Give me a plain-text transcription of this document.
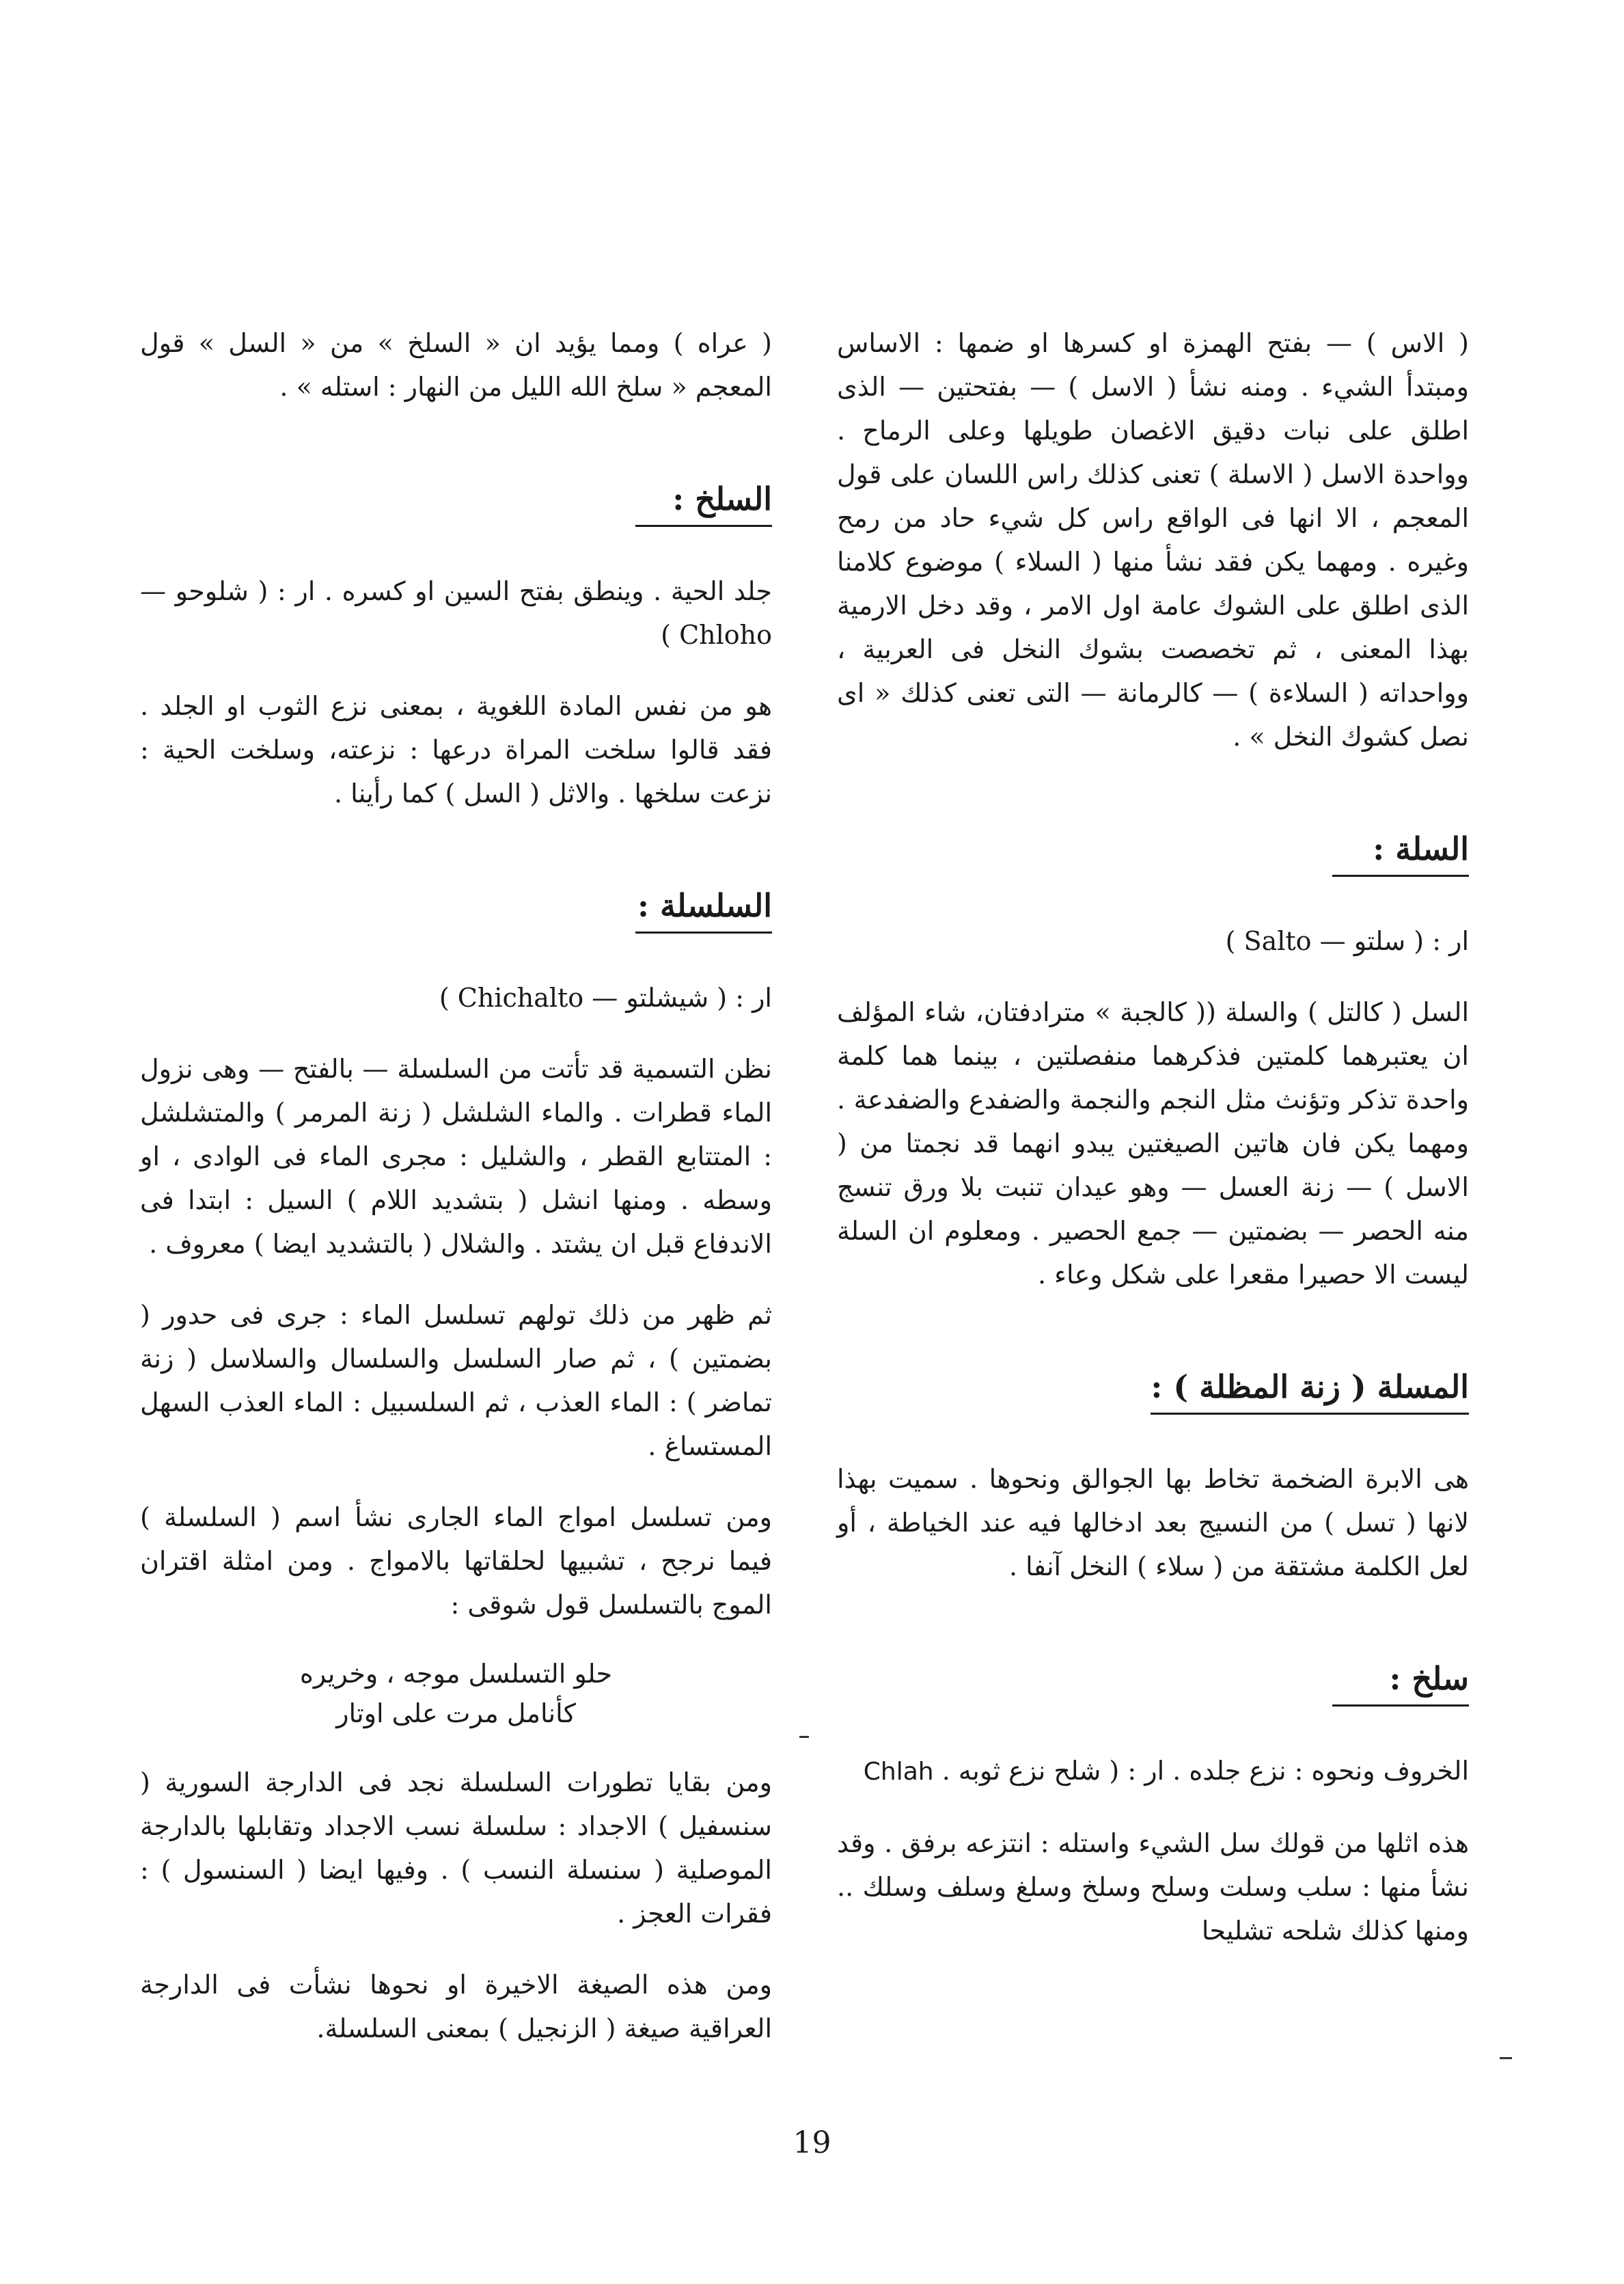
( الاس ) — بفتح الهمزة او كسرها او ضمها : الاساس ومبتدأ الشيء . ومنه نشأ ( الاسل ) — بفتحتين — الذى اطلق على نبات دقيق الاغصان طويلها وعلى الرماح . وواحدة الاسل ( الاسلة ) تعنى كذلك راس اللسان على قول المعجم ، الا انها فى الواقع راس كل شيء حاد من رمح وغيره . ومهما يكن فقد نشأ منها ( السلاء ) موضوع كلامنا الذى اطلق على الشوك عامة اول الامر ، وقد دخل الارمية بهذا المعنى ، ثم تخصصت بشوك النخل فى العربية ، وواحداته ( السلاءة ) — كالرمانة — التى تعنى كذلك « اى نصل كشوك النخل » .

السلة :

ار : ( سلتو — Salto )

السل ( كالتل ) والسلة (( كالجبة » مترادفتان، شاء المؤلف ان يعتبرهما كلمتين فذكرهما منفصلتين ، بينما هما كلمة واحدة تذكر وتؤنث مثل النجم والنجمة والضفدع والضفدعة . ومهما يكن فان هاتين الصيغتين يبدو انهما قد نجمتا من ( الاسل ) — زنة العسل — وهو عيدان تنبت بلا ورق تنسج منه الحصر — بضمتين — جمع الحصير . ومعلوم ان السلة ليست الا حصيرا مقعرا على شكل وعاء .

المسلة ( زنة المظلة ) :

هى الابرة الضخمة تخاط بها الجوالق ونحوها . سميت بهذا لانها ( تسل ) من النسيج بعد ادخالها فيه عند الخياطة ، أو لعل الكلمة مشتقة من ( سلاء ) النخل آنفا .

سلخ :

الخروف ونحوه : نزع جلده . ار : ( شلح نزع ثوبه . Chlah

هذه اثلها من قولك سل الشيء واستله : انتزعه برفق . وقد نشأ منها : سلب وسلت وسلح وسلخ وسلغ وسلف وسلك .. ومنها كذلك شلحه تشليحا

( عراه ) ومما يؤيد ان « السلخ » من « السل » قول المعجم « سلخ الله الليل من النهار : استله » .

السلخ :

جلد الحية . وينطق بفتح السين او كسره . ار : ( شلوحو — Chloho )

هو من نفس المادة اللغوية ، بمعنى نزع الثوب او الجلد . فقد قالوا سلخت المراة درعها : نزعته، وسلخت الحية : نزعت سلخها . والاثل ( السل ) كما رأينا .

السلسلة :

ار : ( شيشلتو — Chichalto )

نظن التسمية قد تأتت من السلسلة — بالفتح — وهى نزول الماء قطرات . والماء الشلشل ( زنة المرمر ) والمتشلشل : المتتابع القطر ، والشليل : مجرى الماء فى الوادى ، او وسطه . ومنها انشل ( بتشديد اللام ) السيل : ابتدا فى الاندفاع قبل ان يشتد . والشلال ( بالتشديد ايضا ) معروف .

ثم ظهر من ذلك تولهم تسلسل الماء : جرى فى حدور ( بضمتين ) ، ثم صار السلسل والسلسال والسلاسل ( زنة تماضر ) : الماء العذب ، ثم السلسبيل : الماء العذب السهل المستساغ .

ومن تسلسل امواج الماء الجارى نشأ اسم ( السلسلة ) فيما نرجح ، تشبيها لحلقاتها بالامواج . ومن امثلة اقتران الموج بالتسلسل قول شوقى :

حلو التسلسل موجه ، وخريره
كأنامل مرت على اوتار

ومن بقايا تطورات السلسلة نجد فى الدارجة السورية ( سنسفيل ) الاجداد : سلسلة نسب الاجداد وتقابلها بالدارجة الموصلية ( سنسلة النسب ) . وفيها ايضا ( السنسول ) : فقرات العجز .

ومن هذه الصيغة الاخيرة او نحوها نشأت فى الدارجة العراقية صيغة ( الزنجيل ) بمعنى السلسلة.

19
